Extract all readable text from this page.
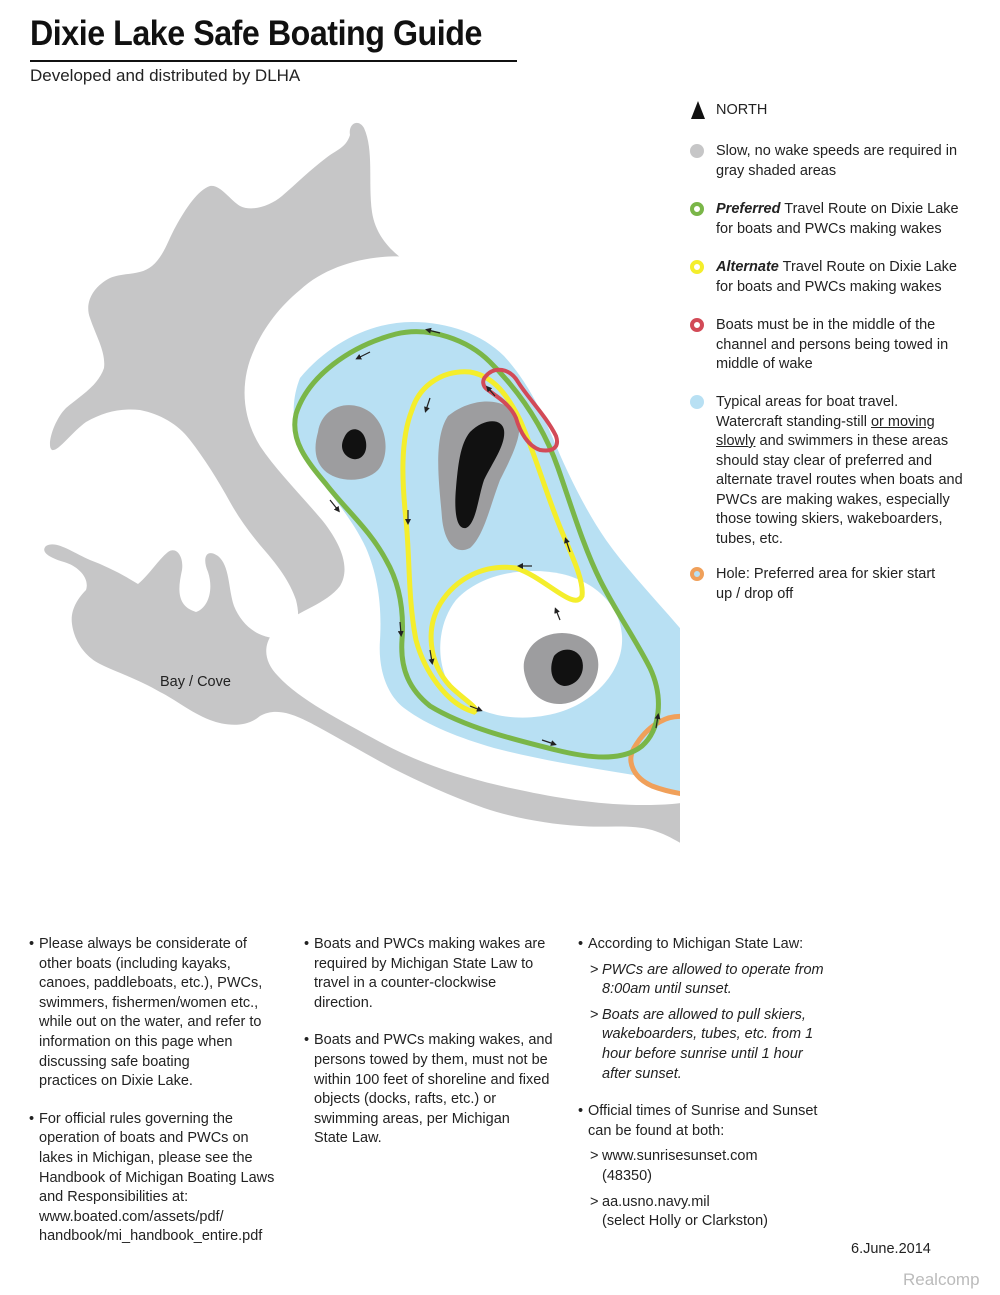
Dixie Lake Safe Boating Guide
Developed and distributed by DLHA
Bay / Cove
NORTH
Slow, no wake speeds are required in
gray shaded areas
Preferred Travel Route on Dixie Lake
for boats and PWCs making wakes
Alternate Travel Route on Dixie Lake
for boats and PWCs making wakes
Boats must be in the middle of the
channel and persons being towed in
middle of wake
Typical areas for boat travel.
Watercraft standing-still or moving
slowly and swimmers in these areas
should stay clear of preferred and
alternate travel routes when boats and
PWCs are making wakes, especially
those towing skiers, wakeboarders,
tubes, etc.
Hole: Preferred area for skier start
up / drop off
• Please always be considerate of
other boats (including kayaks,
canoes, paddleboats, etc.), PWCs,
swimmers, fishermen/women etc.,
while out on the water, and refer to
information on this page when
discussing safe boating
practices on Dixie Lake.
• For official rules governing the
operation of boats and PWCs on
lakes in Michigan, please see the
Handbook of Michigan Boating Laws
and Responsibilities at:
www.boated.com/assets/pdf/
handbook/mi_handbook_entire.pdf
• Boats and PWCs making wakes are
required by Michigan State Law to
travel in a counter-clockwise
direction.
• Boats and PWCs making wakes, and
persons towed by them, must not be
within 100 feet of shoreline and fixed
objects (docks, rafts, etc.) or
swimming areas, per Michigan
State Law.
• According to Michigan State Law:
> PWCs are allowed to operate from
8:00am until sunset.
> Boats are allowed to pull skiers,
wakeboarders, tubes, etc. from 1
hour before sunrise until 1 hour
after sunset.
• Official times of Sunrise and Sunset
can be found at both:
> www.sunrisesunset.com
(48350)
> aa.usno.navy.mil
(select Holly or Clarkston)
6.June.2014
Realcomp
